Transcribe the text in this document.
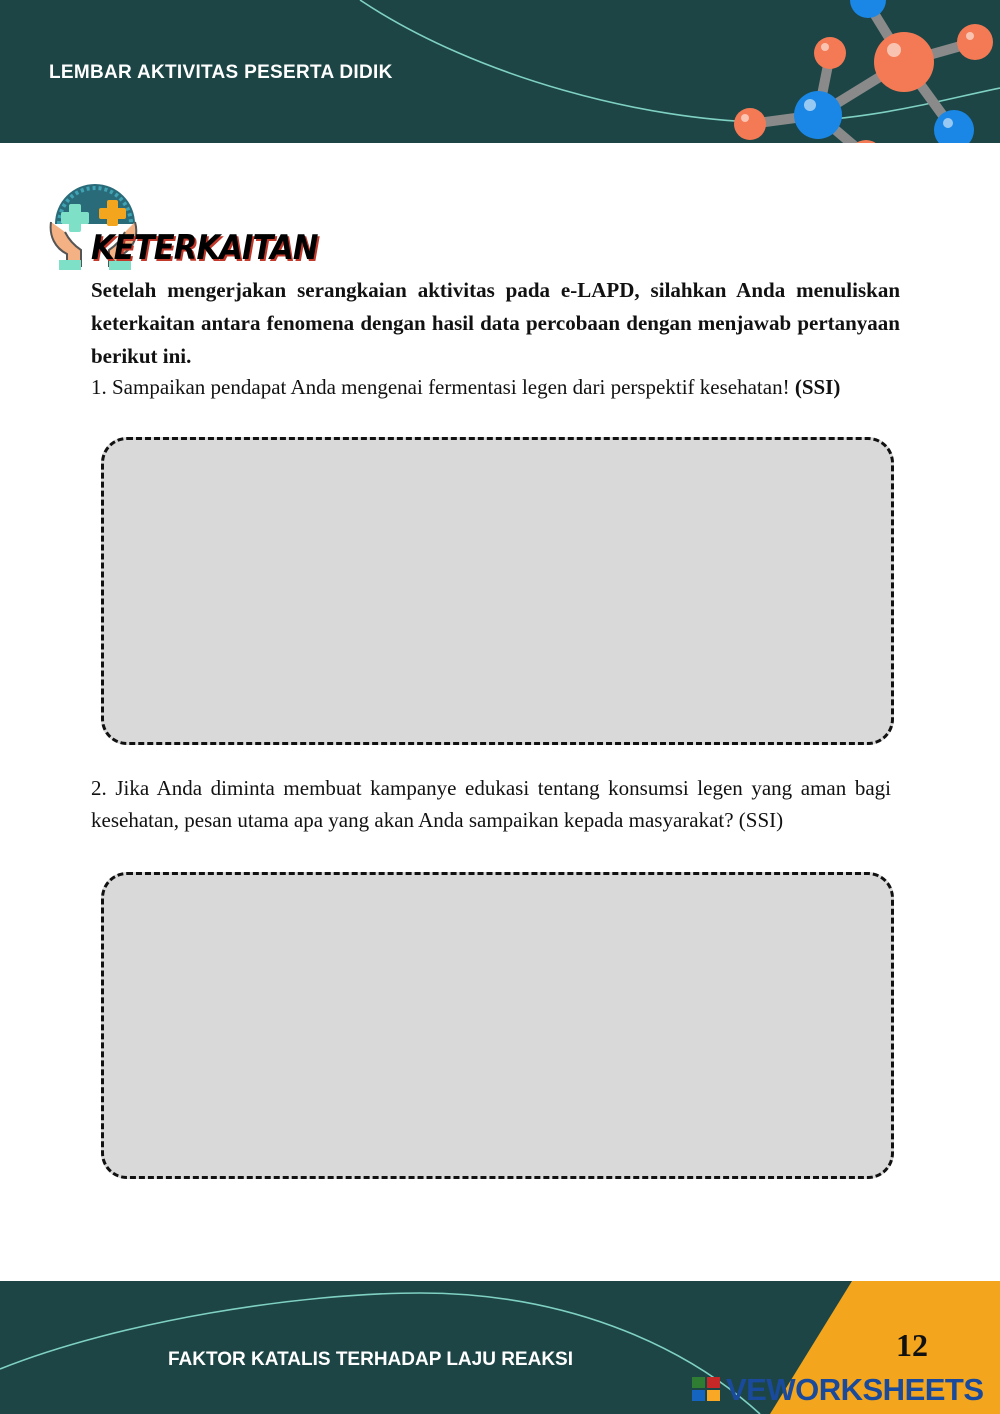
LEMBAR AKTIVITAS PESERTA DIDIK
KETERKAITAN
Setelah mengerjakan serangkaian aktivitas pada e-LAPD, silahkan Anda menuliskan keterkaitan antara fenomena dengan hasil data percobaan dengan menjawab pertanyaan berikut ini.
1. Sampaikan pendapat Anda mengenai fermentasi legen dari perspektif kesehatan! (SSI)
2. Jika Anda diminta membuat kampanye edukasi tentang konsumsi legen yang aman bagi kesehatan, pesan utama apa yang akan Anda sampaikan kepada masyarakat? (SSI)
FAKTOR KATALIS TERHADAP LAJU REAKSI	12
VEWORKSHEETS
